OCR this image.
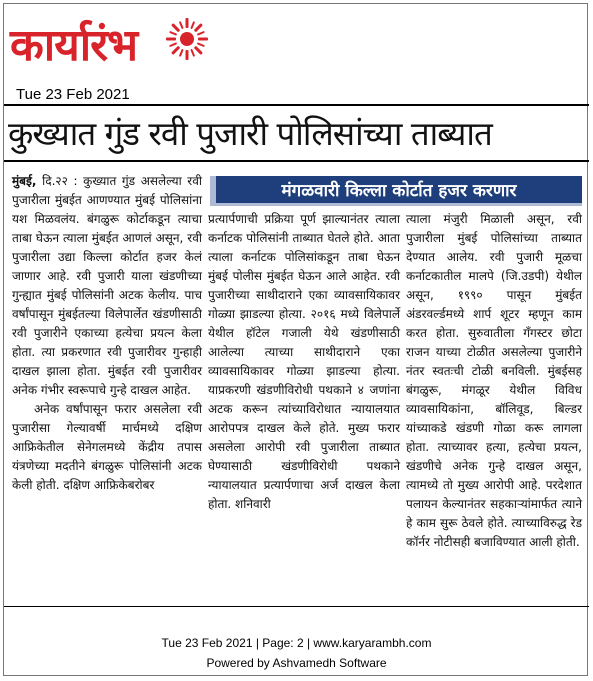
कार्यारंभ
Tue 23 Feb 2021
कुख्यात गुंड रवी पुजारी पोलिसांच्या ताब्यात
मंगळवारी किल्ला कोर्टात हजर करणार

मुंबई, दि.२२ : कुख्यात गुंड असलेल्या रवी पुजारीला मुंबईत आणण्यात मुंबई पोलिसांना यश मिळवलंय. बंगळुरू कोर्टाकडून त्याचा ताबा घेऊन त्याला मुंबईत आणलं असून, रवी पुजारीला उद्या किल्ला कोर्टात हजर केलं जाणार आहे. रवी पुजारी याला खंडणीच्या गुन्ह्यात मुंबई पोलिसांनी अटक केलीय. पाच वर्षांपासून मुंबईतल्या विलेपार्लेत खंडणीसाठी रवी पुजारीने एकाच्या हत्येचा प्रयत्न केला होता. त्या प्रकरणात रवी पुजारीवर गुन्हाही दाखल झाला होता. मुंबईत रवी पुजारीवर अनेक गंभीर स्वरूपाचे गुन्हे दाखल आहेत.

अनेक वर्षांपासून फरार असलेला रवी पुजारीसा गेल्यावर्षी मार्चमध्ये दक्षिण आफ्रिकेतील सेनेगलमध्ये केंद्रीय तपास यंत्रणेच्या मदतीने बंगळुरू पोलिसांनी अटक केली होती. दक्षिण आफ्रिकेबरोबर

प्रत्यार्पणाची प्रक्रिया पूर्ण झाल्यानंतर त्याला कर्नाटक पोलिसांनी ताब्यात घेतले होते. आता त्याला कर्नाटक पोलिसांकडून ताबा घेऊन मुंबई पोलीस मुंबईत घेऊन आले आहेत. रवी पुजारीच्या साथीदाराने एका व्यावसायिकावर गोळ्या झाडल्या होत्या. २०१६ मध्ये विलेपार्ले येथील हॉटेल गजाली येथे खंडणीसाठी आलेल्या त्याच्या साथीदाराने एका व्यावसायिकावर गोळ्या झाडल्या होत्या. याप्रकरणी खंडणीविरोधी पथकाने ४ जणांना अटक करून त्यांच्याविरोधात न्यायालयात आरोपपत्र दाखल केले होते. मुख्य फरार असलेला आरोपी रवी पुजारीला ताब्यात घेण्यासाठी खंडणीविरोधी पथकाने न्यायालयात प्रत्यार्पणाचा अर्ज दाखल केला होता. शनिवारी

त्याला मंजुरी मिळाली असून, रवी पुजारीला मुंबई पोलिसांच्या ताब्यात देण्यात आलेय. रवी पुजारी मूळचा कर्नाटकातील मालपे (जि.उडपी) येथील असून, १९९० पासून मुंबईत अंडरवर्ल्डमध्ये शार्प शूटर म्हणून काम करत होता. सुरुवातीला गँगस्टर छोटा राजन याच्या टोळीत असलेल्या पुजारीने नंतर स्वतःची टोळी बनविली. मुंबईसह बंगळुरू, मंगळूर येथील विविध व्यावसायिकांना, बॉलिवूड, बिल्डर यांच्याकडे खंडणी गोळा करू लागला होता. त्याच्यावर हत्या, हत्येचा प्रयत्न, खंडणीचे अनेक गुन्हे दाखल असून, त्यामध्ये तो मुख्य आरोपी आहे. परदेशात पलायन केल्यानंतर सहकाऱ्यांमार्फत त्याने हे काम सुरू ठेवले होते. त्याच्याविरुद्ध रेड कॉर्नर नोटीसही बजाविण्यात आली होती.

Tue 23 Feb 2021 | Page: 2 | www.karyarambh.com
Powered by Ashvamedh Software
